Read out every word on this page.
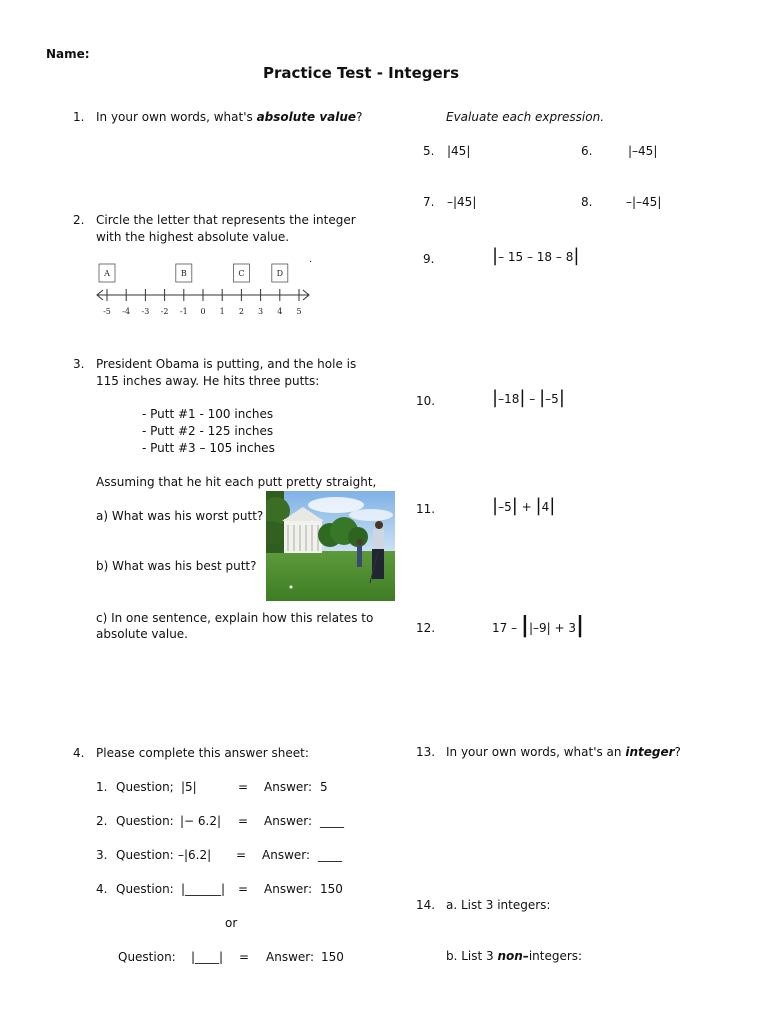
Name:
Practice Test - Integers
1. In your own words, what's absolute value?
2. Circle the letter that represents the integer
with the highest absolute value.
.
-5 -4 -3 -2 -1 0 1 2 3 4 5
A	B	C	D
3. President Obama is putting, and the hole is
115 inches away. He hits three putts:
- Putt #1 - 100 inches
- Putt #2 - 125 inches
- Putt #3 – 105 inches
Assuming that he hit each putt pretty straight,
a) What was his worst putt?
b) What was his best putt?
c) In one sentence, explain how this relates to
absolute value.
4. Please complete this answer sheet:
1. Question; |5|	= Answer: 5
2. Question: |− 6.2| = Answer: ____
3. Question: –|6.2| = Answer: ____
4. Question: |______| = Answer: 150
or
Question: |____| = Answer: 150
Evaluate each expression.
5. |45|	6.	|–45|
7. –|45|	8.	–|–45|
9.	|– 15 – 18 – 8|
10.	|–18| – |–5|
11.	|–5| + |4|
12.	17 – ||–9| + 3|
13. In your own words, what's an integer?
14. a. List 3 integers:
b. List 3 non–integers:
